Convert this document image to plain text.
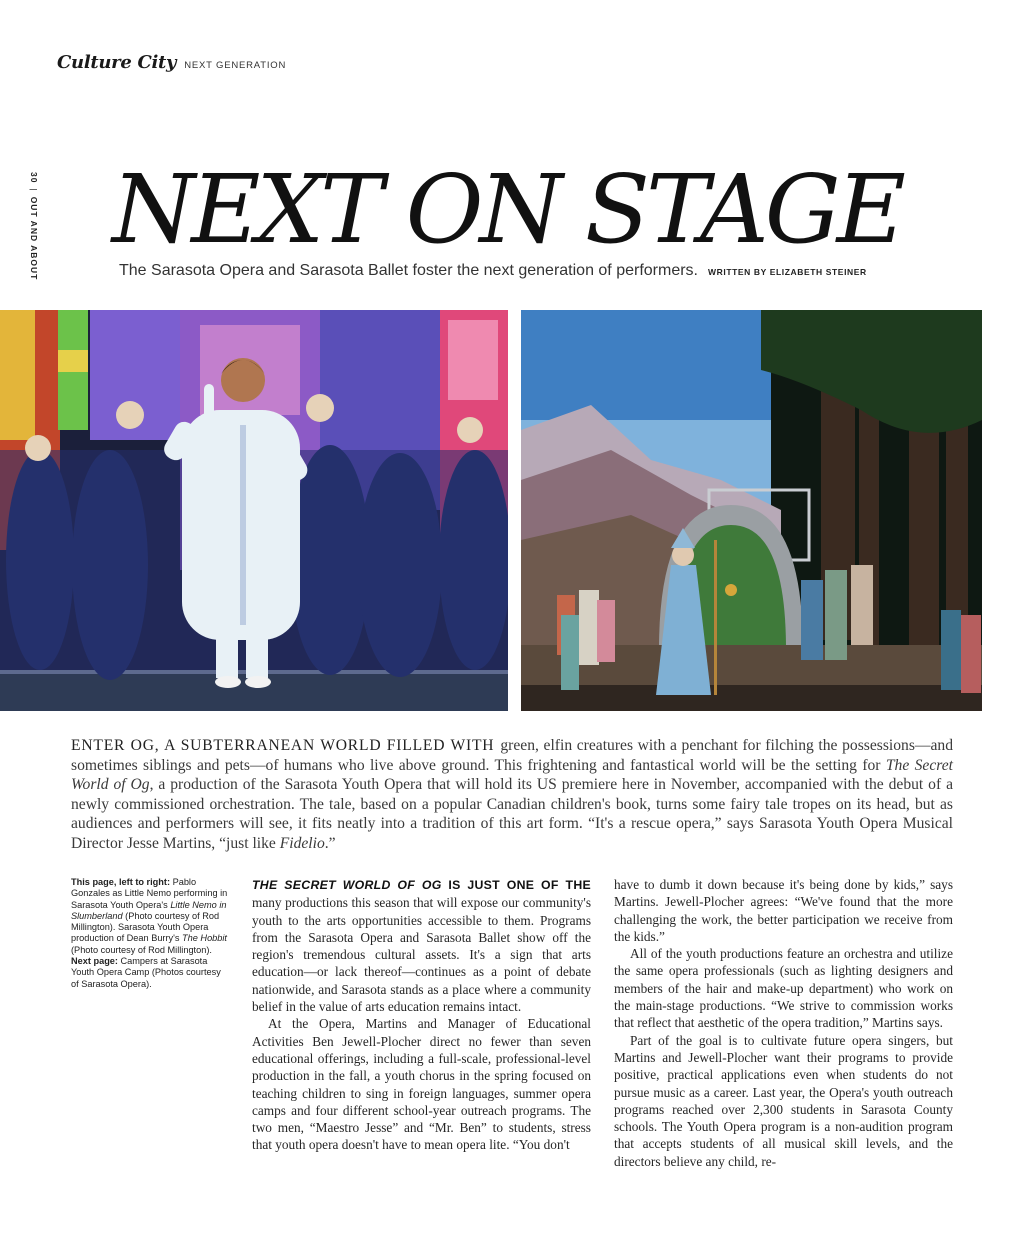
Culture City NEXT GENERATION
30|OUT AND ABOUT NEXT ON STAGE
The Sarasota Opera and Sarasota Ballet foster the next generation of performers. WRITTEN BY ELIZABETH STEINER

ENTER OG, A SUBTERRANEAN WORLD FILLED WITH green, elfin creatures with a penchant for filching the possessions—and sometimes siblings and pets—of humans who live above ground. This frightening and fantastical world will be the setting for The Secret World of Og, a production of the Sarasota Youth Opera that will hold its US premiere here in November, accompanied with the debut of a newly commissioned orchestration. The tale, based on a popular Canadian children's book, turns some fairy tale tropes on its head, but as audiences and performers will see, it fits neatly into a tradition of this art form. “It's a rescue opera,” says Sarasota Youth Opera Musical Director Jesse Martins, “just like Fidelio.”

This page, left to right: Pablo Gonzales as Little Nemo performing in Sarasota Youth Opera's Little Nemo in Slumberland (Photo courtesy of Rod Millington). Sarasota Youth Opera production of Dean Burry's The Hobbit (Photo courtesy of Rod Millington). Next page: Campers at Sarasota Youth Opera Camp (Photos courtesy of Sarasota Opera).

THE SECRET WORLD OF OG IS JUST ONE OF THE many productions this season that will expose our community's youth to the arts opportunities accessible to them. Programs from the Sarasota Opera and Sarasota Ballet show off the region's tremendous cultural assets. It's a sign that arts education—or lack thereof—continues as a point of debate nationwide, and Sarasota stands as a place where a community belief in the value of arts education remains intact.

At the Opera, Martins and Manager of Educational Activities Ben Jewell-Plocher direct no fewer than seven educational offerings, including a full-scale, professional-level production in the fall, a youth chorus in the spring focused on teaching children to sing in foreign languages, summer opera camps and four different school-year outreach programs. The two men, “Maestro Jesse” and “Mr. Ben” to students, stress that youth opera doesn't have to mean opera lite. “You don't

have to dumb it down because it's being done by kids,” says Martins. Jewell-Plocher agrees: “We've found that the more challenging the work, the better participation we receive from the kids.”

All of the youth productions feature an orchestra and utilize the same opera professionals (such as lighting designers and members of the hair and make-up department) who work on the main-stage productions. “We strive to commission works that reflect that aesthetic of the opera tradition,” Martins says.

Part of the goal is to cultivate future opera singers, but Martins and Jewell-Plocher want their programs to provide positive, practical applications even when students do not pursue music as a career. Last year, the Opera's youth outreach programs reached over 2,300 students in Sarasota County schools. The Youth Opera program is a non-audition program that accepts students of all musical skill levels, and the directors believe any child, re-
